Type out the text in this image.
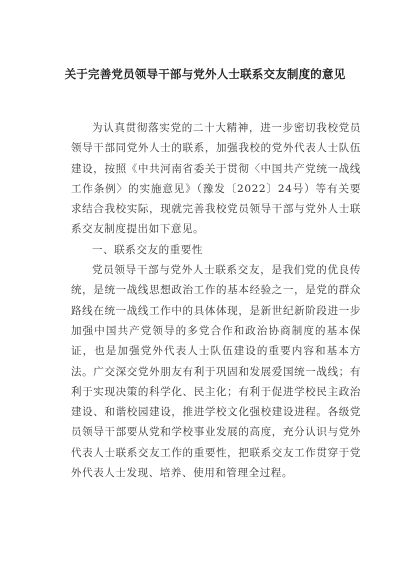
关于完善党员领导干部与党外人士联系交友制度的意见

为认真贯彻落实党的二十大精神，进一步密切我校党员领导干部同党外人士的联系，加强我校的党外代表人士队伍建设，按照《中共河南省委关于贯彻〈中国共产党统一战线工作条例〉的实施意见》（豫发〔2022〕24号）等有关要求结合我校实际，现就完善我校党员领导干部与党外人士联系交友制度提出如下意见。

一、联系交友的重要性

党员领导干部与党外人士联系交友，是我们党的优良传统，是统一战线思想政治工作的基本经验之一，是党的群众路线在统一战线工作中的具体体现，是新世纪新阶段进一步加强中国共产党领导的多党合作和政治协商制度的基本保证，也是加强党外代表人士队伍建设的重要内容和基本方法。广交深交党外朋友有利于巩固和发展爱国统一战线；有利于实现决策的科学化、民主化；有利于促进学校民主政治建设、和谐校园建设，推进学校文化强校建设进程。各级党员领导干部要从党和学校事业发展的高度，充分认识与党外代表人士联系交友工作的重要性，把联系交友工作贯穿于党外代表人士发现、培养、使用和管理全过程。
